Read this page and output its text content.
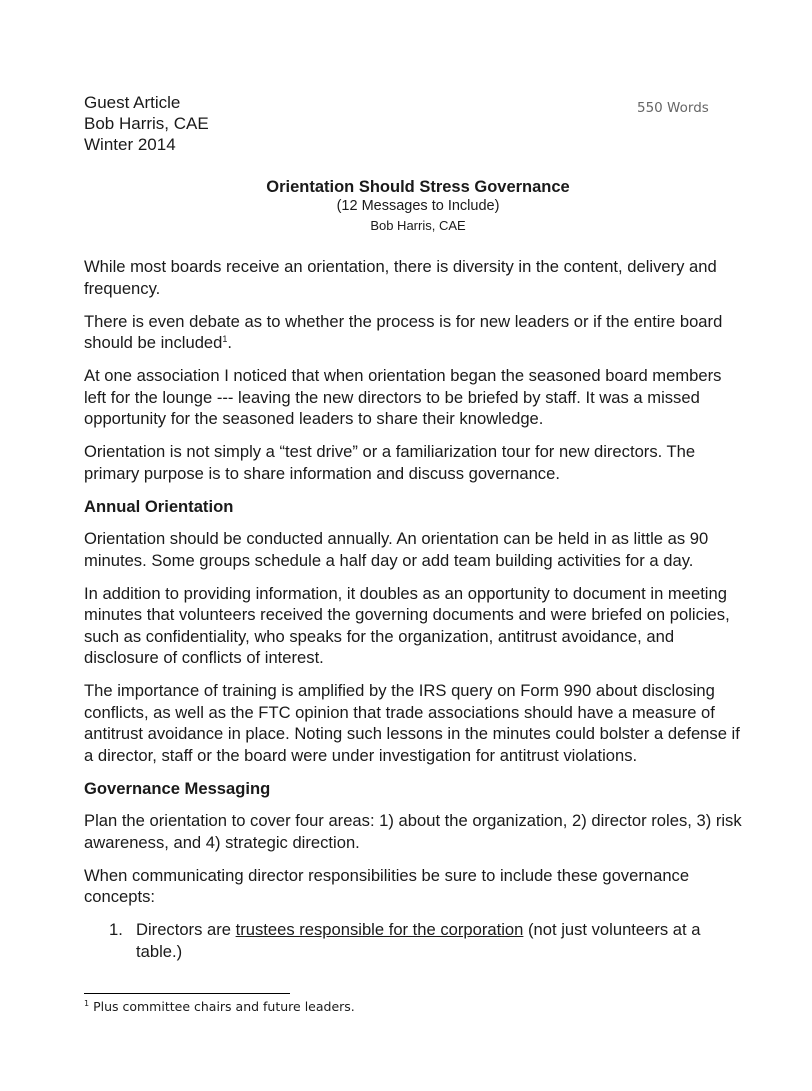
Guest Article
Bob Harris, CAE
Winter 2014
550 Words
Orientation Should Stress Governance
(12 Messages to Include)
Bob Harris, CAE

While most boards receive an orientation, there is diversity in the content, delivery and frequency.

There is even debate as to whether the process is for new leaders or if the entire board should be included$^1$.

At one association I noticed that when orientation began the seasoned board members left for the lounge --- leaving the new directors to be briefed by staff. It was a missed opportunity for the seasoned leaders to share their knowledge.

Orientation is not simply a “test drive” or a familiarization tour for new directors. The primary purpose is to share information and discuss governance.

Annual Orientation

Orientation should be conducted annually. An orientation can be held in as little as 90 minutes. Some groups schedule a half day or add team building activities for a day.

In addition to providing information, it doubles as an opportunity to document in meeting minutes that volunteers received the governing documents and were briefed on policies, such as confidentiality, who speaks for the organization, antitrust avoidance, and disclosure of conflicts of interest.

The importance of training is amplified by the IRS query on Form 990 about disclosing conflicts, as well as the FTC opinion that trade associations should have a measure of antitrust avoidance in place. Noting such lessons in the minutes could bolster a defense if a director, staff or the board were under investigation for antitrust violations.

Governance Messaging

Plan the orientation to cover four areas: 1) about the organization, 2) director roles, 3) risk awareness, and 4) strategic direction.

When communicating director responsibilities be sure to include these governance concepts:

1. Directors are trustees responsible for the corporation (not just volunteers at a table.)

$^1$ Plus committee chairs and future leaders.
